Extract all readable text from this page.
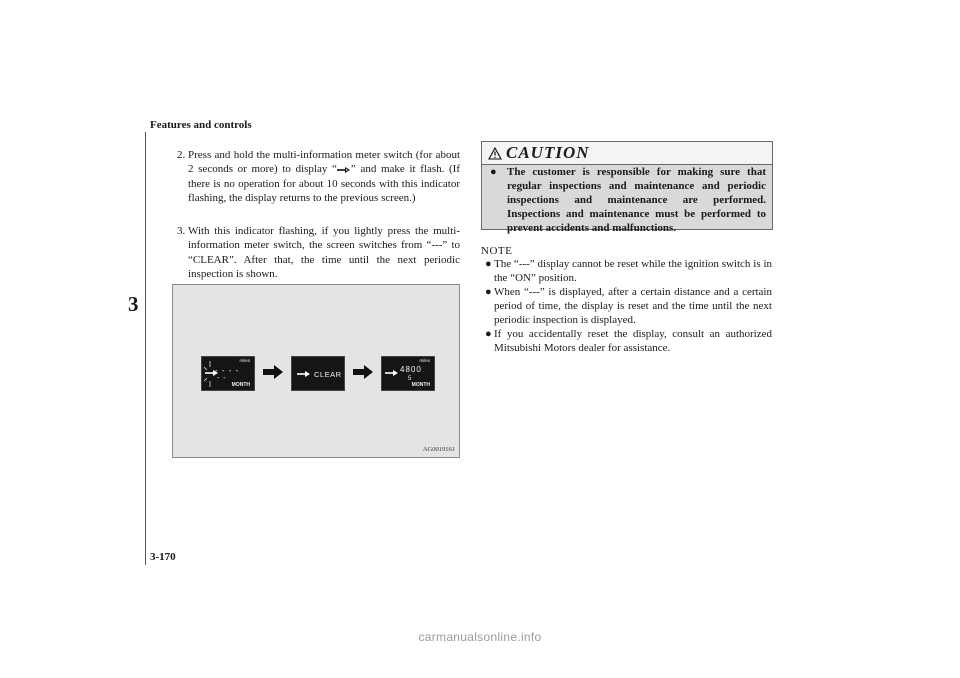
Features and controls
3
2. Press and hold the multi-information meter switch (for about 2 seconds or more) to display “ ” and make it flash. (If there is no operation for about 10 seconds with this indicator flashing, the display returns to the previous screen.)
3. With this indicator flashing, if you lightly press the multi-information meter switch, the screen switches from “---” to “CLEAR”. After that, the time until the next periodic inspection is shown.
miles
- - - -
- -
MONTH
CLEAR
miles
4800
5
MONTH
AG0019161
CAUTION
● The customer is responsible for making sure that regular inspections and maintenance and periodic inspections and maintenance are performed. Inspections and maintenance must be performed to prevent accidents and malfunctions.
NOTE
● The “---” display cannot be reset while the ignition switch is in the “ON” position.
● When “---” is displayed, after a certain distance and a certain period of time, the display is reset and the time until the next periodic inspection is displayed.
● If you accidentally reset the display, consult an authorized Mitsubishi Motors dealer for assistance.
3-170
carmanualsonline.info
